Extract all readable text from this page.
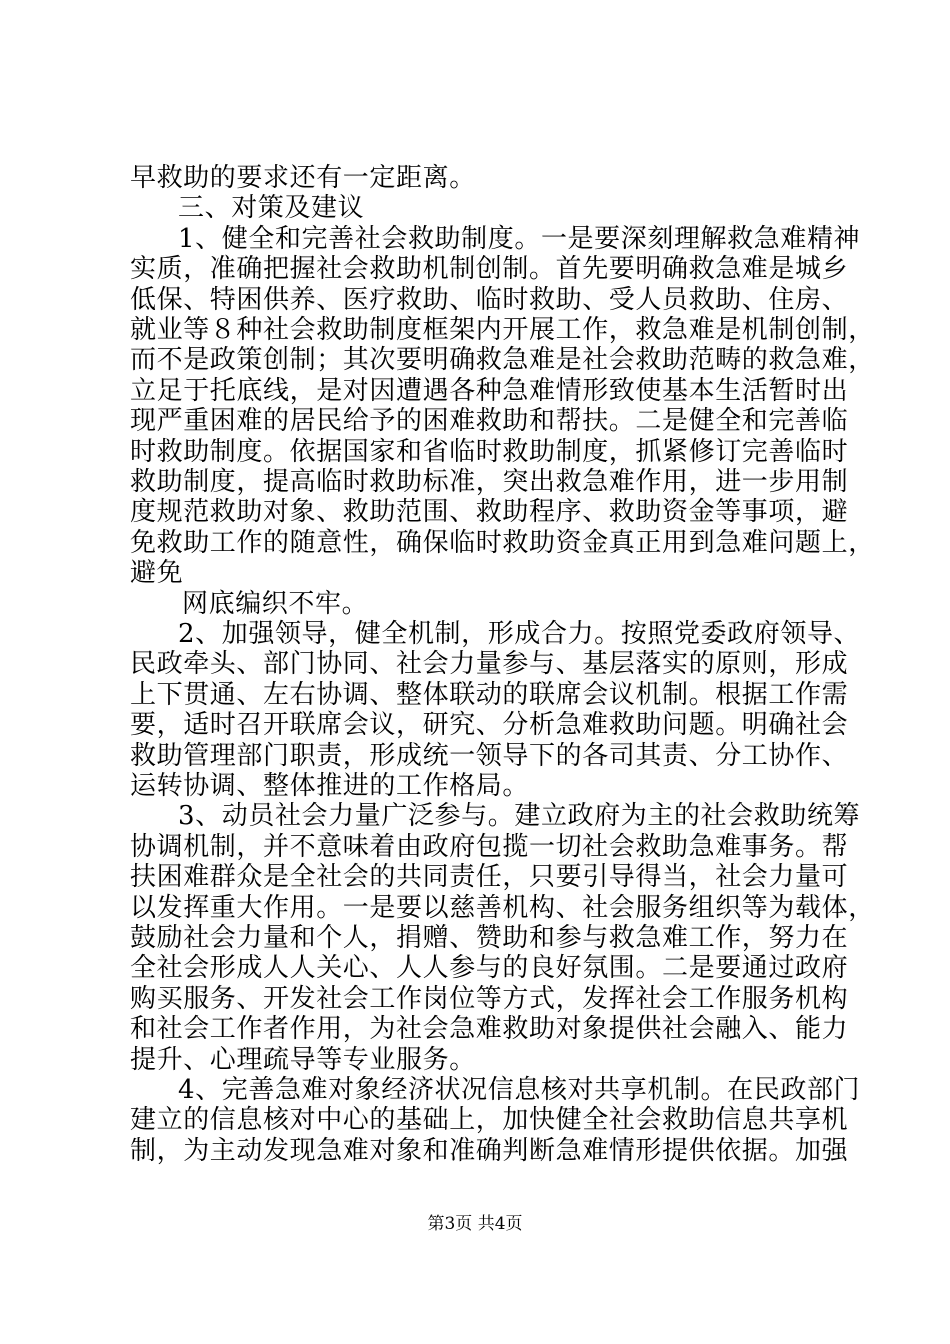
早救助的要求还有一定距离。
三、对策及建议
1、健全和完善社会救助制度。一是要深刻理解救急难精神
实质，准确把握社会救助机制创制。首先要明确救急难是城乡
低保、特困供养、医疗救助、临时救助、受人员救助、住房、
就业等８种社会救助制度框架内开展工作，救急难是机制创制，
而不是政策创制；其次要明确救急难是社会救助范畴的救急难，
立足于托底线，是对因遭遇各种急难情形致使基本生活暂时出
现严重困难的居民给予的困难救助和帮扶。二是健全和完善临
时救助制度。依据国家和省临时救助制度，抓紧修订完善临时
救助制度，提高临时救助标准，突出救急难作用，进一步用制
度规范救助对象、救助范围、救助程序、救助资金等事项，避
免救助工作的随意性，确保临时救助资金真正用到急难问题上，
避免
网底编织不牢。
2、加强领导，健全机制，形成合力。按照党委政府领导、
民政牵头、部门协同、社会力量参与、基层落实的原则，形成
上下贯通、左右协调、整体联动的联席会议机制。根据工作需
要，适时召开联席会议，研究、分析急难救助问题。明确社会
救助管理部门职责，形成统一领导下的各司其责、分工协作、
运转协调、整体推进的工作格局。
3、动员社会力量广泛参与。建立政府为主的社会救助统筹
协调机制，并不意味着由政府包揽一切社会救助急难事务。帮
扶困难群众是全社会的共同责任，只要引导得当，社会力量可
以发挥重大作用。一是要以慈善机构、社会服务组织等为载体，
鼓励社会力量和个人，捐赠、赞助和参与救急难工作，努力在
全社会形成人人关心、人人参与的良好氛围。二是要通过政府
购买服务、开发社会工作岗位等方式，发挥社会工作服务机构
和社会工作者作用，为社会急难救助对象提供社会融入、能力
提升、心理疏导等专业服务。
4、完善急难对象经济状况信息核对共享机制。在民政部门
建立的信息核对中心的基础上，加快健全社会救助信息共享机
制，为主动发现急难对象和准确判断急难情形提供依据。加强
第3页 共4页
